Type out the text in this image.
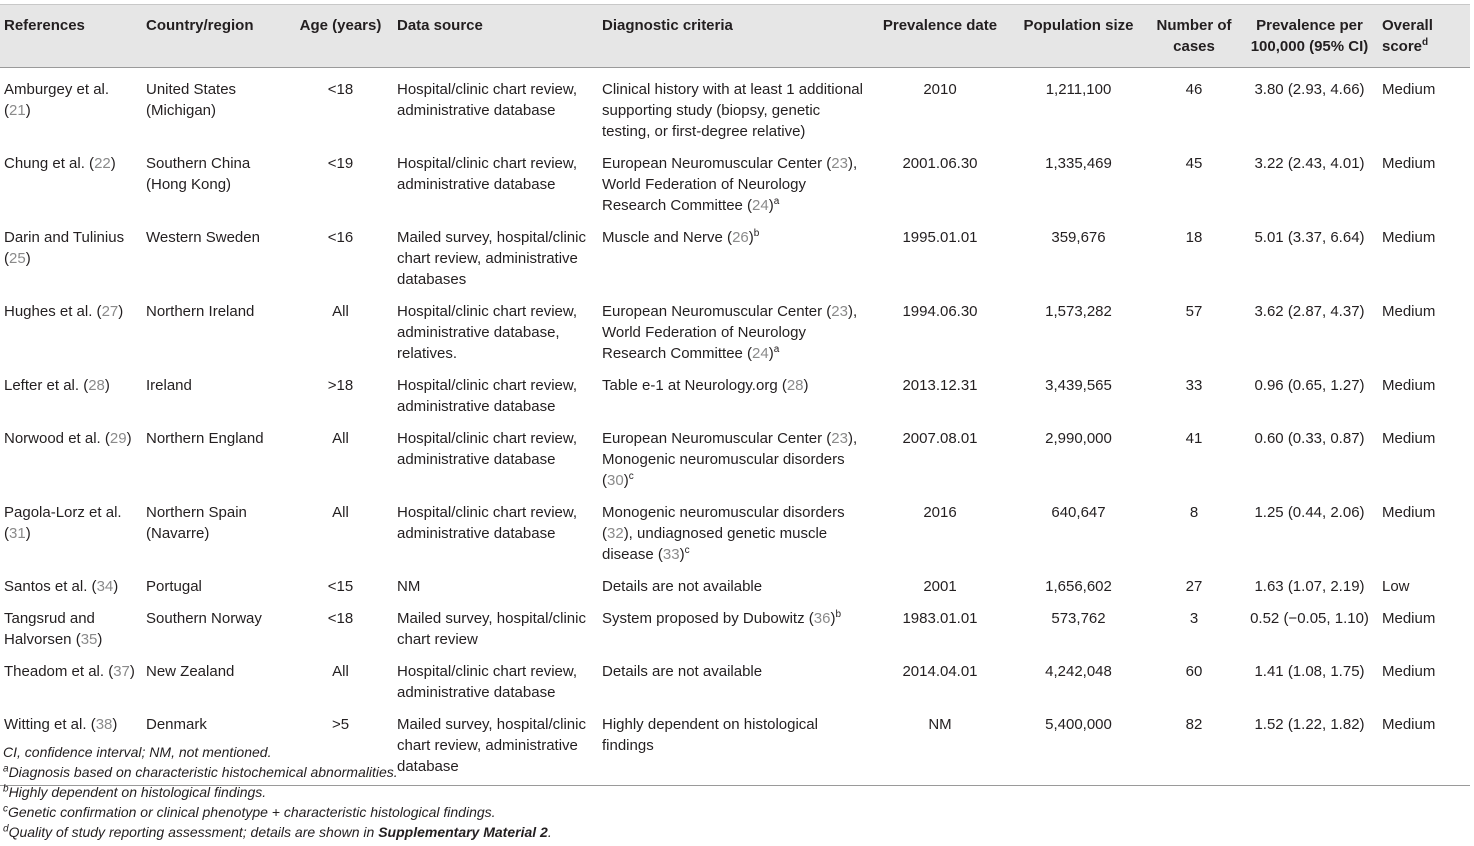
References	Country/region	Age (years)	Data source	Diagnostic criteria	Prevalence date	Population size	Number of cases	Prevalence per 100,000 (95% CI)	Overall score$^d$
Amburgey et al. (21)	United States (Michigan)	<18	Hospital/clinic chart review, administrative database	Clinical history with at least 1 additional supporting study (biopsy, genetic testing, or first-degree relative)	2010	1,211,100	46	3.80 (2.93, 4.66)	Medium
Chung et al. (22)	Southern China (Hong Kong)	<19	Hospital/clinic chart review, administrative database	European Neuromuscular Center (23), World Federation of Neurology Research Committee $(24)^a$	2001.06.30	1,335,469	45	3.22 (2.43, 4.01)	Medium
Darin and Tulinius (25)	Western Sweden	<16	Mailed survey, hospital/clinic chart review, administrative databases	Muscle and Nerve $(26)^b$	1995.01.01	359,676	18	5.01 (3.37, 6.64)	Medium
Hughes et al. (27)	Northern Ireland	All	Hospital/clinic chart review, administrative database, relatives.	European Neuromuscular Center (23), World Federation of Neurology Research Committee $(24)^a$	1994.06.30	1,573,282	57	3.62 (2.87, 4.37)	Medium
Lefter et al. (28)	Ireland	>18	Hospital/clinic chart review, administrative database	Table e-1 at Neurology.org (28)	2013.12.31	3,439,565	33	0.96 (0.65, 1.27)	Medium
Norwood et al. (29)	Northern England	All	Hospital/clinic chart review, administrative database	European Neuromuscular Center (23), Monogenic neuromuscular disorders $(30)^c$	2007.08.01	2,990,000	41	0.60 (0.33, 0.87)	Medium
Pagola-Lorz et al. (31)	Northern Spain (Navarre)	All	Hospital/clinic chart review, administrative database	Monogenic neuromuscular disorders (32), undiagnosed genetic muscle disease $(33)^c$	2016	640,647	8	1.25 (0.44, 2.06)	Medium
Santos et al. (34)	Portugal	<15	NM	Details are not available	2001	1,656,602	27	1.63 (1.07, 2.19)	Low
Tangsrud and Halvorsen (35)	Southern Norway	<18	Mailed survey, hospital/clinic chart review	System proposed by Dubowitz $(36)^b$	1983.01.01	573,762	3	0.52 (−0.05, 1.10)	Medium
Theadom et al. (37)	New Zealand	All	Hospital/clinic chart review, administrative database	Details are not available	2014.04.01	4,242,048	60	1.41 (1.08, 1.75)	Medium
Witting et al. (38)	Denmark	>5	Mailed survey, hospital/clinic chart review, administrative database	Highly dependent on histological findings	NM	5,400,000	82	1.52 (1.22, 1.82)	Medium

CI, confidence interval; NM, not mentioned.

$^a$Diagnosis based on characteristic histochemical abnormalities.

$^b$Highly dependent on histological findings.

$^c$Genetic confirmation or clinical phenotype + characteristic histological findings.

$^d$Quality of study reporting assessment; details are shown in Supplementary Material 2.
